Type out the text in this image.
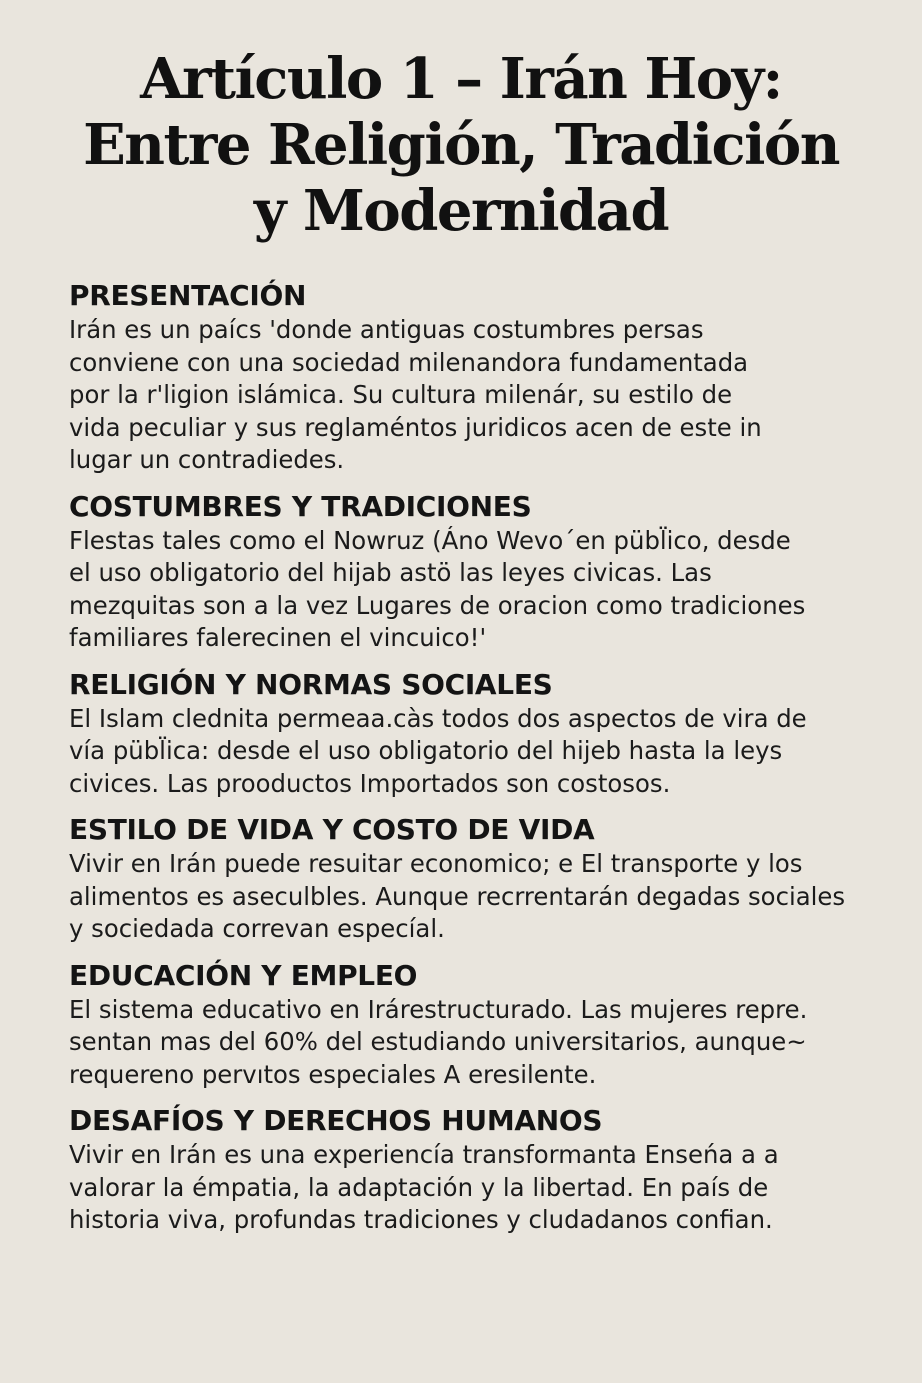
Artículo 1 – Irán Hoy:
Entre Religión, Tradición
y Modernidad
PRESENTACIÓN

Irán es un paícs 'donde antiguas costumbres persas
conviene con una sociedad milenandora fundamentada
por la r'ligion islámica. Su cultura milenár, su estilo de
vida peculiar y sus reglaméntos juridicos acen de este in
lugar un contradiedes.

COSTUMBRES Y TRADICIONES

Flestas tales como el Nowruz (Áno Wevo´en pübl̈ico, desde
el uso obligatorio del hijab astö las leyes civicas. Las
mezquitas son a la vez Lugares de oracion como tradiciones
familiares falerecinen el vincuico!'

RELIGIÓN Y NORMAS SOCIALES

El Islam clednita permeaa.càs todos dos aspectos de vira de
vía pübl̈ica: desde el uso obligatorio del hijeb hasta la leys
civices. Las prooductos Importados son costosos.

ESTILO DE VIDA Y COSTO DE VIDA

Vivir en Irán puede resuitar economico; e El transporte y los
alimentos es aseculbles. Aunque recrrentarán degadas sociales
y sociedada correvan especíal.

EDUCACIÓN Y EMPLEO

El sistema educativo en Irárestructurado. Las mujeres repre.
sentan mas del 60% del estudiando universitarios, aunque~
requereno pervıtos especiales A eresilente.

DESAFÍOS Y DERECHOS HUMANOS

Vivir en Irán es una experiencía transformanta Enseńa a a
valorar la émpatia, la adaptación y la libertad. En país de
historia viva, profundas tradiciones y cludadanos confian.
